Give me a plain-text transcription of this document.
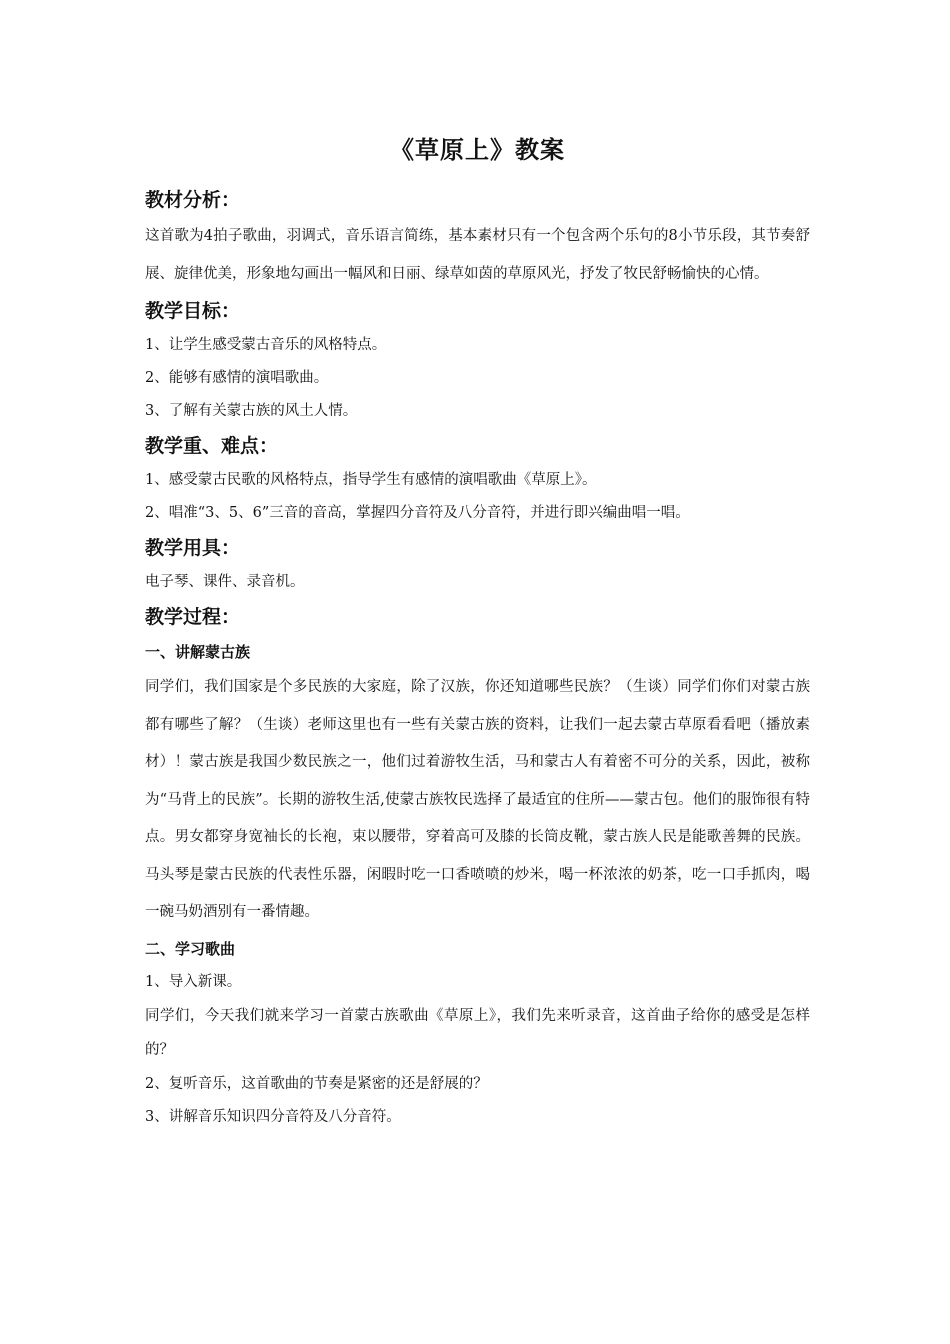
《草原上》教案
教材分析：

这首歌为4拍子歌曲，羽调式，音乐语言简练，基本素材只有一个包含两个乐句的8小节乐段，其节奏舒展、旋律优美，形象地勾画出一幅风和日丽、绿草如茵的草原风光，抒发了牧民舒畅愉快的心情。

教学目标：
1、让学生感受蒙古音乐的风格特点。
2、能够有感情的演唱歌曲。
3、了解有关蒙古族的风土人情。
教学重、难点：
1、感受蒙古民歌的风格特点，指导学生有感情的演唱歌曲《草原上》。
2、唱准“3、5、6”三音的音高，掌握四分音符及八分音符，并进行即兴编曲唱一唱。
教学用具：
电子琴、课件、录音机。
教学过程：
一、讲解蒙古族

同学们，我们国家是个多民族的大家庭，除了汉族，你还知道哪些民族？（生谈）同学们你们对蒙古族都有哪些了解？（生谈）老师这里也有一些有关蒙古族的资料，让我们一起去蒙古草原看看吧（播放素材）！蒙古族是我国少数民族之一，他们过着游牧生活，马和蒙古人有着密不可分的关系，因此，被称为“马背上的民族”。长期的游牧生活,使蒙古族牧民选择了最适宜的住所——蒙古包。他们的服饰很有特点。男女都穿身宽袖长的长袍，束以腰带，穿着高可及膝的长筒皮靴，蒙古族人民是能歌善舞的民族。马头琴是蒙古民族的代表性乐器，闲暇时吃一口香喷喷的炒米，喝一杯浓浓的奶茶，吃一口手抓肉，喝一碗马奶酒别有一番情趣。

二、学习歌曲
1、导入新课。

同学们，今天我们就来学习一首蒙古族歌曲《草原上》，我们先来听录音，这首曲子给你的感受是怎样的？

2、复听音乐，这首歌曲的节奏是紧密的还是舒展的？
3、讲解音乐知识四分音符及八分音符。
